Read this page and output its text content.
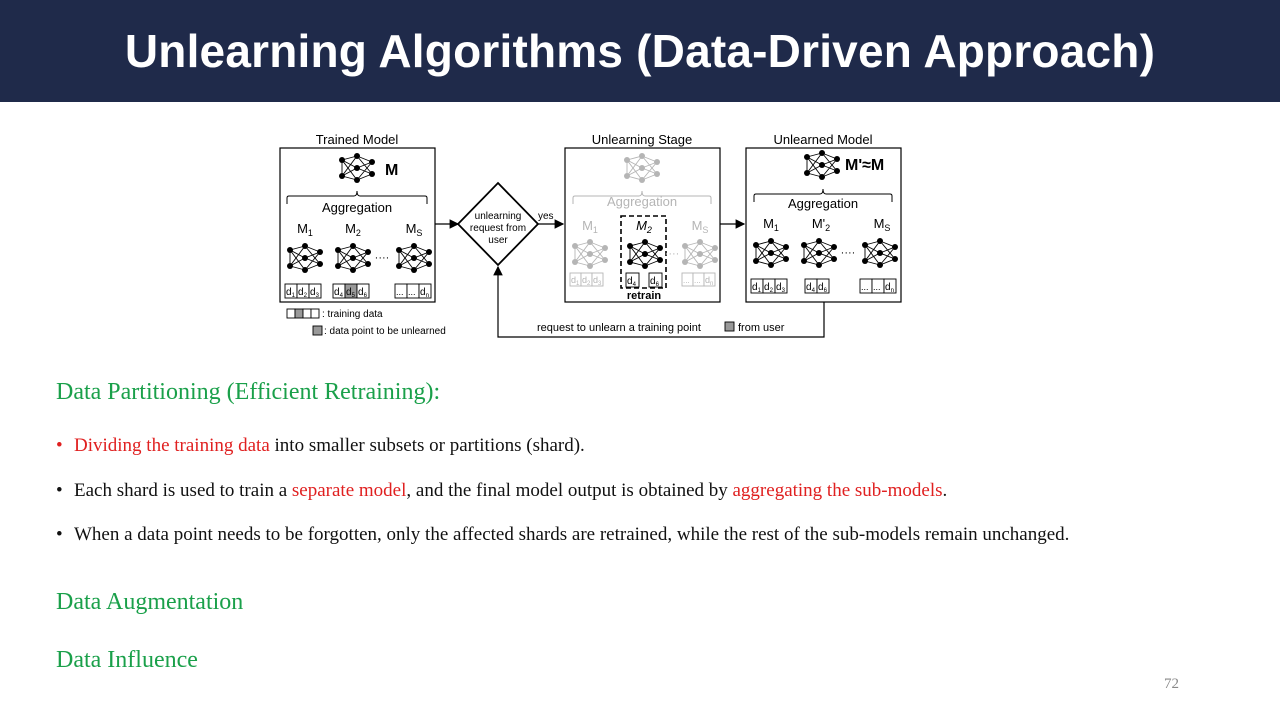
Unlearning Algorithms (Data-Driven Approach)
Trained Model
M
Aggregation
$M_1$ $M_2$	$M_S$
····
$d_1$ $d_2$ $d_3$ $d_4$ $d_5$ $d_6$	... ... $d_n$
unlearning
request from
user
yes
Unlearning Stage
Aggregation
$M_1$	$M_2$	$M_S$
····
$d_1$ $d_2$ $d_3$	$d_4$ $d_6$	... ... $d_n$
retrain
Unlearned Model
M'≈M
Aggregation
$M_1$	$M'_2$	$M_S$
····
$d_1$ $d_2$ $d_3$ $d_4$ $d_6$	... ... $d_n$
: training data
: data point to be unlearned	request to unlearn a training point	from user
Data Partitioning (Efficient Retraining):
• Dividing the training data into smaller subsets or partitions (shard).
• Each shard is used to train a separate model, and the final model output is obtained by aggregating the sub-models.
• When a data point needs to be forgotten, only the affected shards are retrained, while the rest of the sub-models remain unchanged.
Data Augmentation
Data Influence
72
